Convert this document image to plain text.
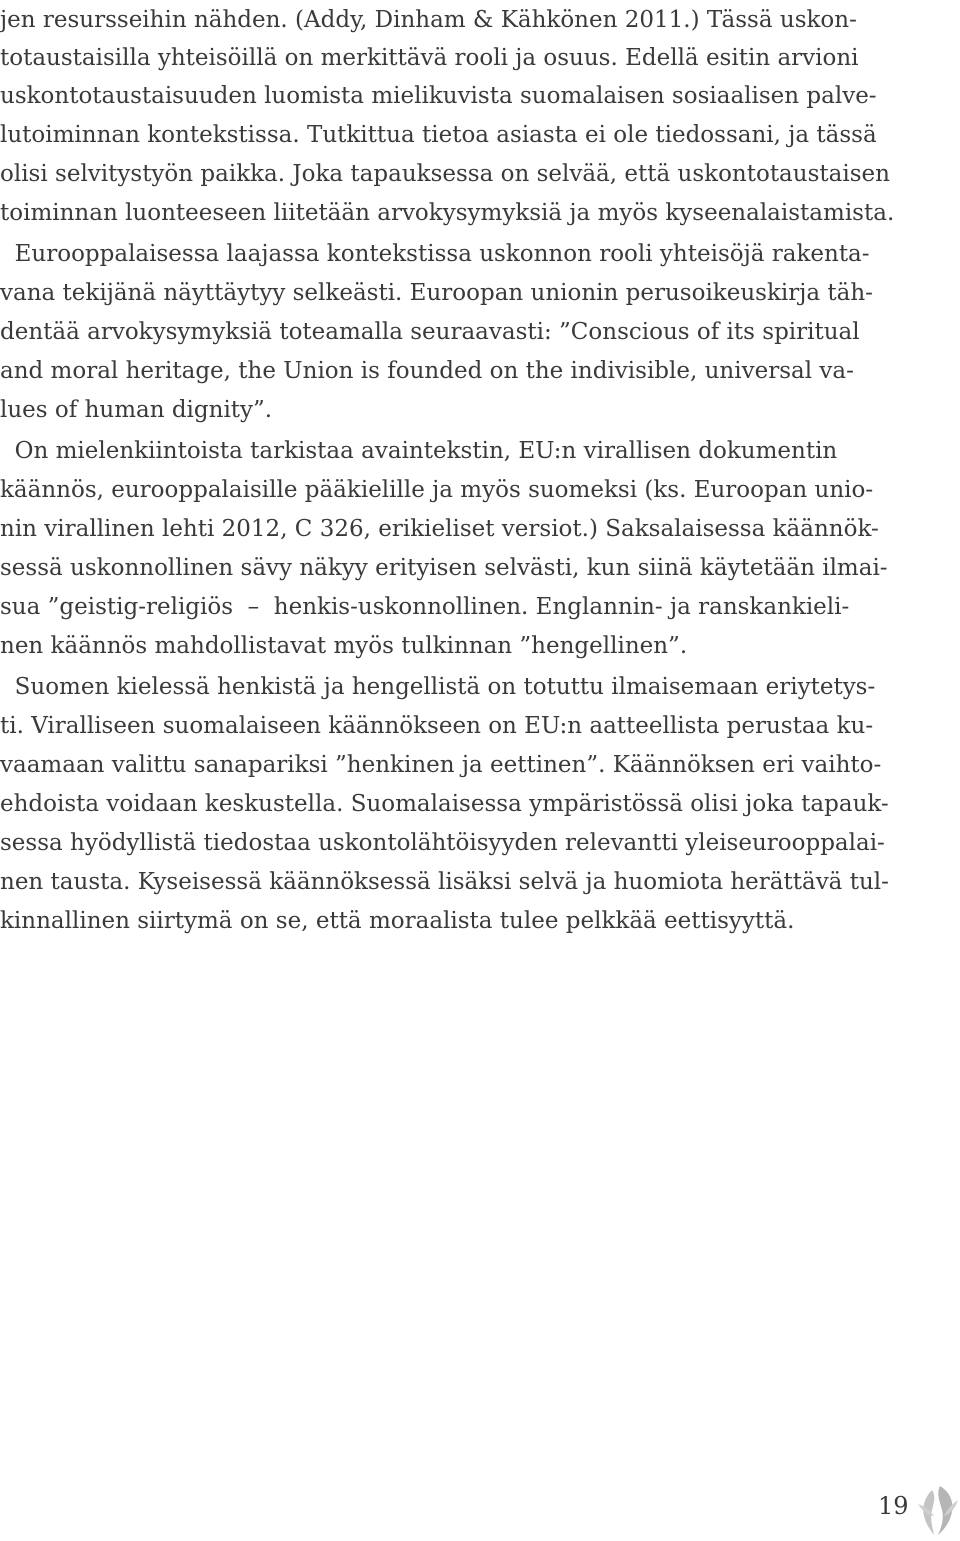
jen resursseihin nähden. (Addy, Dinham & Kähkönen 2011.) Tässä uskon-
totaustaisilla yhteisöillä on merkittävä rooli ja osuus. Edellä esitin arvioni
uskontotaustaisuuden luomista mielikuvista suomalaisen sosiaalisen palve-
lutoiminnan kontekstissa. Tutkittua tietoa asiasta ei ole tiedossani, ja tässä
olisi selvitystyön paikka. Joka tapauksessa on selvää, että uskontotaustaisen
toiminnan luonteeseen liitetään arvokysymyksiä ja myös kyseenalaistamista.
Eurooppalaisessa laajassa kontekstissa uskonnon rooli yhteisöjä rakenta-
vana tekijänä näyttäytyy selkeästi. Euroopan unionin perusoikeuskirja täh-
dentää arvokysymyksiä toteamalla seuraavasti: ”Conscious of its spiritual
and moral heritage, the Union is founded on the indivisible, universal va-
lues of human dignity”.
On mielenkiintoista tarkistaa avaintekstin, EU:n virallisen dokumentin
käännös, eurooppalaisille pääkielille ja myös suomeksi (ks. Euroopan unio-
nin virallinen lehti 2012, C 326, erikieliset versiot.) Saksalaisessa käännök-
sessä uskonnollinen sävy näkyy erityisen selvästi, kun siinä käytetään ilmai-
sua ”geistig-religiös  –  henkis-uskonnollinen. Englannin- ja ranskankieli-
nen käännös mahdollistavat myös tulkinnan ”hengellinen”.
Suomen kielessä henkistä ja hengellistä on totuttu ilmaisemaan eriytetys-
ti. Viralliseen suomalaiseen käännökseen on EU:n aatteellista perustaa ku-
vaamaan valittu sanapariksi ”henkinen ja eettinen”. Käännöksen eri vaihto-
ehdoista voidaan keskustella. Suomalaisessa ympäristössä olisi joka tapauk-
sessa hyödyllistä tiedostaa uskontolähtöisyyden relevantti yleiseurooppalai-
nen tausta. Kyseisessä käännöksessä lisäksi selvä ja huomiota herättävä tul-
kinnallinen siirtymä on se, että moraalista tulee pelkkää eettisyyttä.
19
